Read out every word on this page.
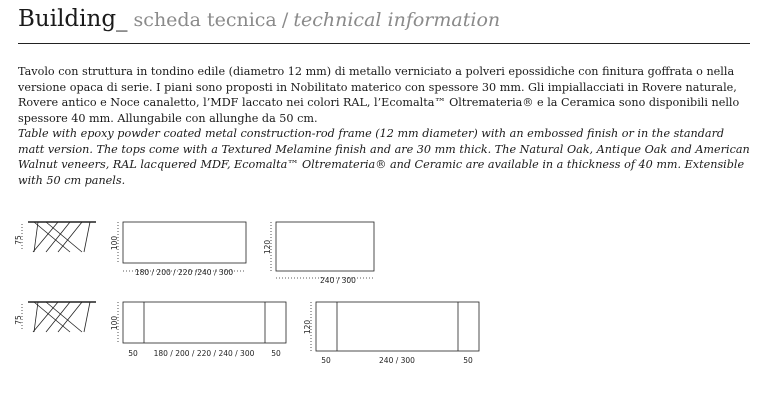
Building_ scheda tecnica / technical information

Tavolo con struttura in tondino edile (diametro 12 mm) di metallo verniciato a polveri epossidiche con finitura goffrata o nella versione opaca di serie. I piani sono proposti in Nobilitato materico con spessore 30 mm. Gli impiallacciati in Rovere naturale, Rovere antico e Noce canaletto, l’MDF laccato nei colori RAL, l’Ecomalta™ Oltremateria® e la Ceramica sono disponibili nello spessore 40 mm. Allungabile con allunghe da 50 cm.

Table with epoxy powder coated metal construction-rod frame (12 mm diameter) with an embossed finish or in the standard matt version. The tops come with a Textured Melamine finish and are 30 mm thick. The Natural Oak, Antique Oak and American Walnut veneers, RAL lacquered MDF, Ecomalta™ Oltremateria® and Ceramic are available in a thickness of 40 mm. Extensible with 50 cm panels.

75
75
100
180 / 200 / 220 /240 / 300
120
240 / 300
100
50 180 / 200 / 220 / 240 / 300 50
120
50	240 / 300	50
